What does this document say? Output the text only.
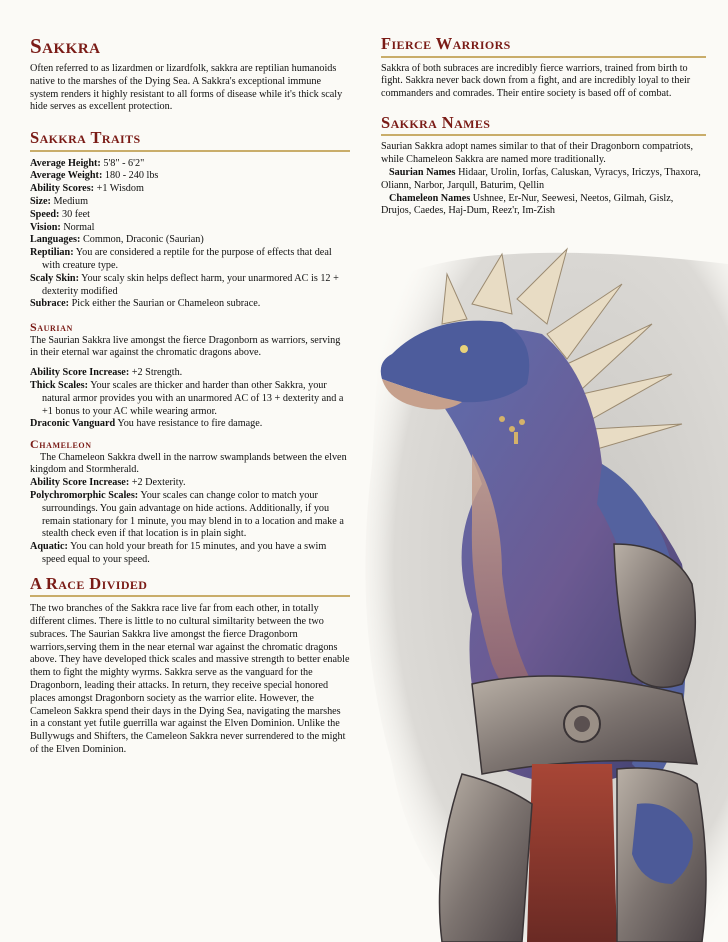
Sakkra

Often referred to as lizardmen or lizardfolk, sakkra are reptilian humanoids native to the marshes of the Dying Sea. A Sakkra's exceptional immune system renders it highly resistant to all forms of disease while it's thick scaly hide serves as excellent protection.

Sakkra Traits
Average Height: 5'8" - 6'2"
Average Weight: 180 - 240 lbs
Ability Scores: +1 Wisdom
Size: Medium
Speed: 30 feet
Vision: Normal
Languages: Common, Draconic (Saurian)
Reptilian: You are considered a reptile for the purpose of effects that deal with creature type.
Scaly Skin: Your scaly skin helps deflect harm, your unarmored AC is 12 + dexterity modified
Subrace: Pick either the Saurian or Chameleon subrace.
Saurian

The Saurian Sakkra live amongst the fierce Dragonborn as warriors, serving in their eternal war against the chromatic dragons above.

Ability Score Increase: +2 Strength.
Thick Scales: Your scales are thicker and harder than other Sakkra, your natural armor provides you with an unarmored AC of 13 + dexterity and a +1 bonus to your AC while wearing armor.
Draconic Vanguard You have resistance to fire damage.
Chameleon

The Chameleon Sakkra dwell in the narrow swamplands between the elven kingdom and Stormherald.

Ability Score Increase: +2 Dexterity.
Polychromorphic Scales: Your scales can change color to match your surroundings. You gain advantage on hide actions. Additionally, if you remain stationary for 1 minute, you may blend in to a location and make a stealth check even if that location is in plain sight.
Aquatic: You can hold your breath for 15 minutes, and you have a swim speed equal to your speed.
A Race Divided

The two branches of the Sakkra race live far from each other, in totally different climes. There is little to no cultural similtarity between the two subraces. The Saurian Sakkra live amongst the fierce Dragonborn warriors,serving them in the near eternal war against the chromatic dragons above. They have developed thick scales and massive strength to better enable them to fight the mighty wyrms. Sakkra serve as the vanguard for the Dragonborn, leading their attacks. In return, they receive special honored places amongst Dragonborn society as the warrior elite. However, the Cameleon Sakkra spend their days in the Dying Sea, navigating the marshes in a constant yet futile guerrilla war against the Elven Dominion. Unlike the Bullywugs and Shifters, the Cameleon Sakkra never surrendered to the might of the Elven Dominion.

Fierce Warriors

Sakkra of both subraces are incredibly fierce warriors, trained from birth to fight. Sakkra never back down from a fight, and are incredibly loyal to their commanders and comrades. Their entire society is based off of combat.

Sakkra Names

Saurian Sakkra adopt names similar to that of their Dragonborn compatriots, while Chameleon Sakkra are named more traditionally.

Saurian Names Hidaar, Urolin, Iorfas, Caluskan, Vyracys, Iriczys, Thaxora, Oliann, Narbor, Jarqull, Baturim, Qellin

Chameleon Names Ushnee, Er-Nur, Seewesi, Neetos, Gilmah, Gislz, Drujos, Caedes, Haj-Dum, Reez'r, Im-Zish
